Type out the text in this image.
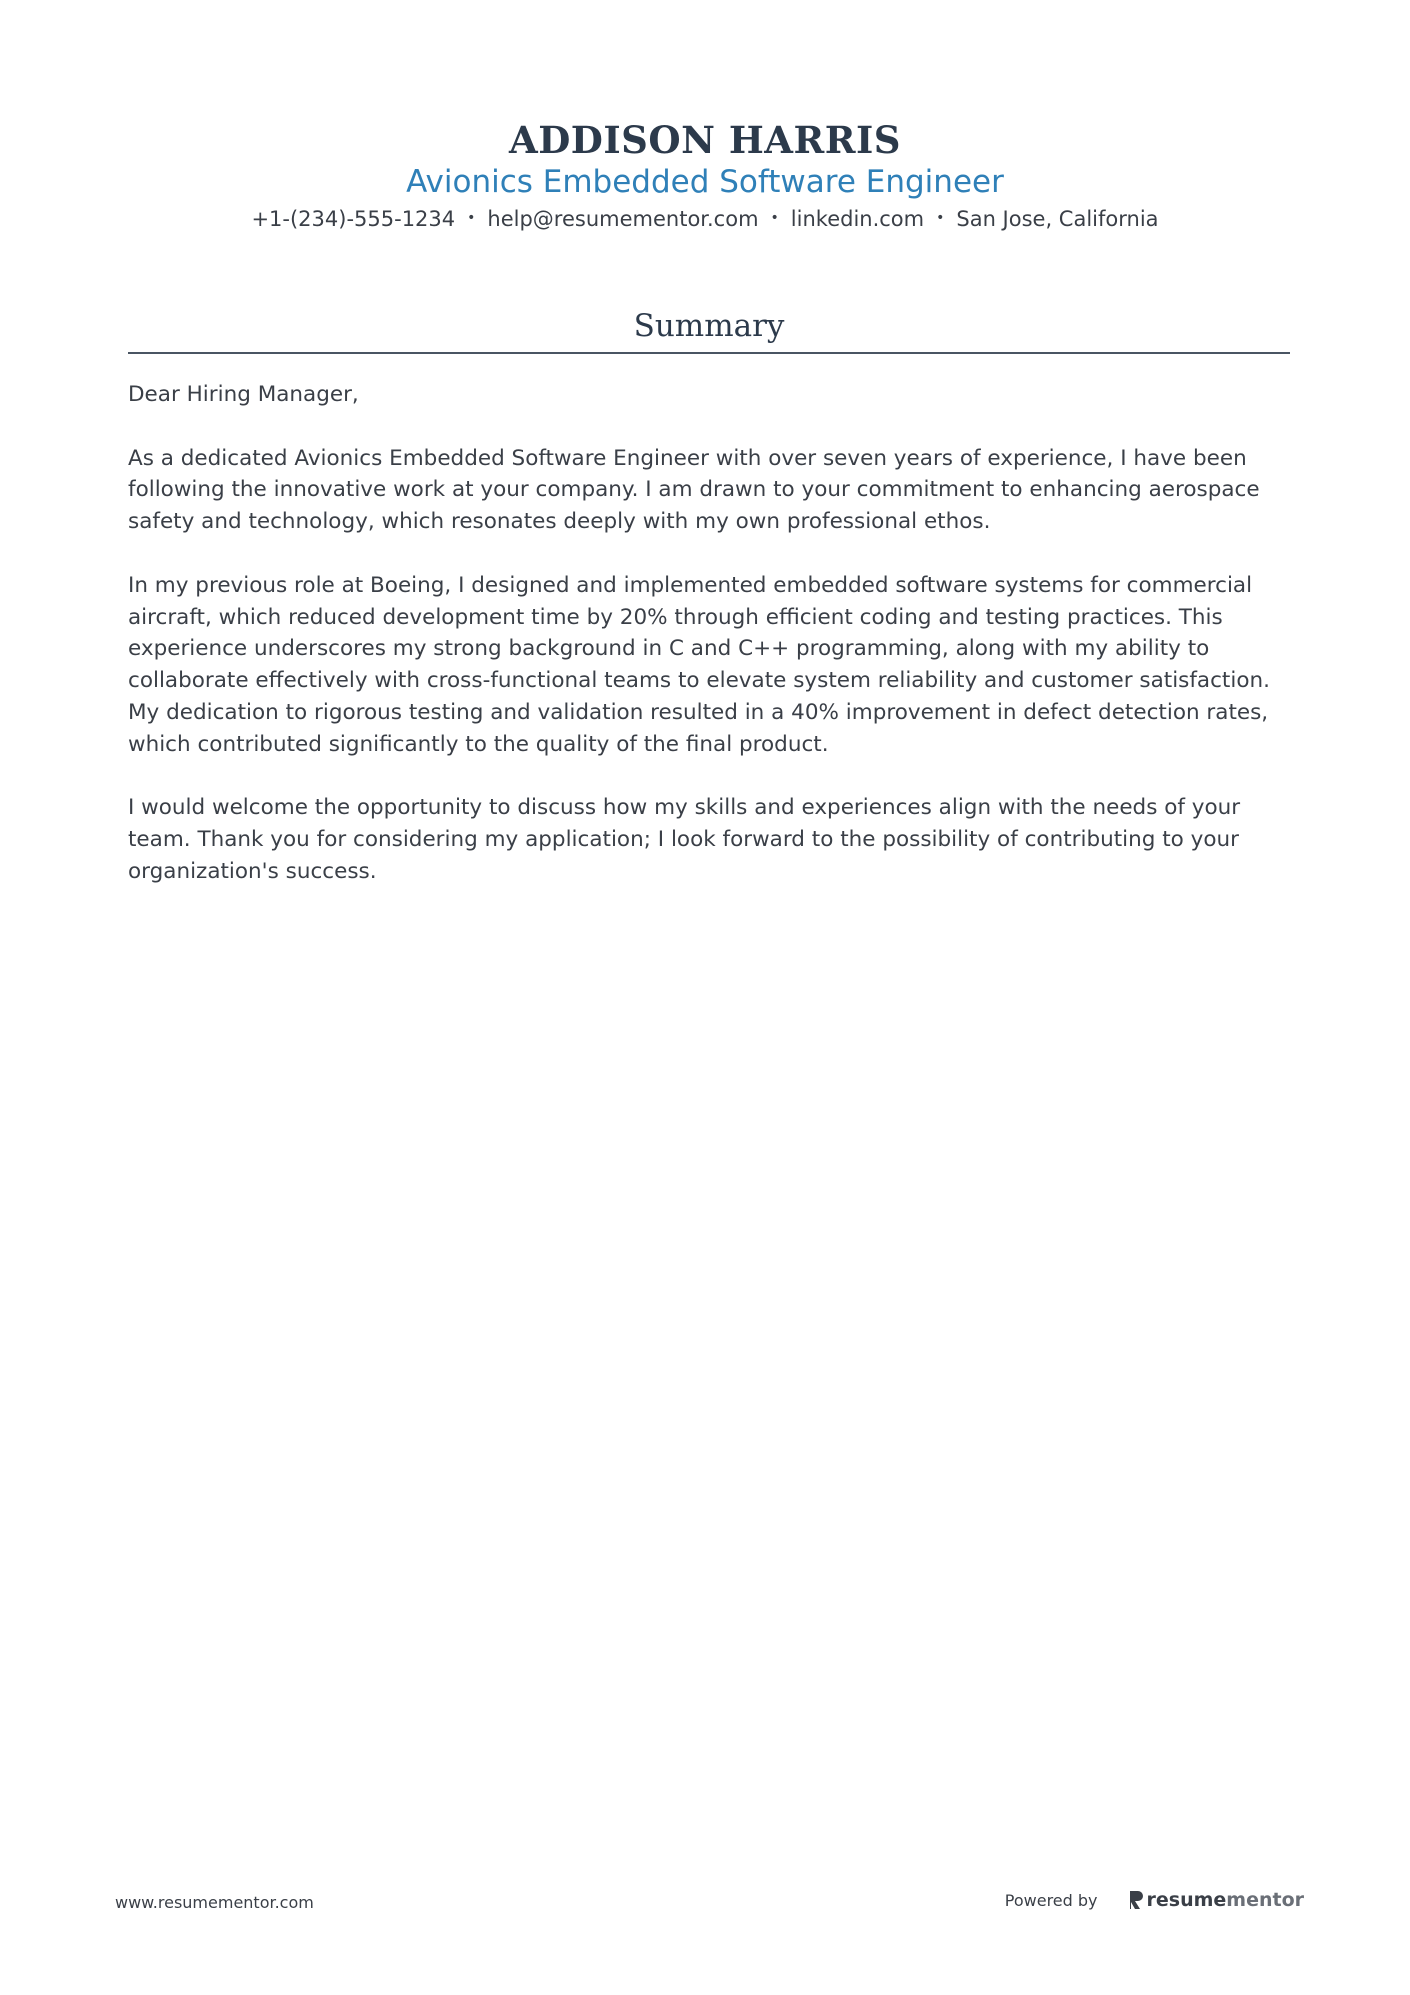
ADDISON HARRIS
Avionics Embedded Software Engineer
+1-(234)-555-1234 • help@resumementor.com • linkedin.com • San Jose, California
Summary

Dear Hiring Manager,

As a dedicated Avionics Embedded Software Engineer with over seven years of experience, I have been following the innovative work at your company. I am drawn to your commitment to enhancing aerospace safety and technology, which resonates deeply with my own professional ethos.

In my previous role at Boeing, I designed and implemented embedded software systems for commercial aircraft, which reduced development time by 20% through efficient coding and testing practices. This experience underscores my strong background in C and C++ programming, along with my ability to collaborate effectively with cross-functional teams to elevate system reliability and customer satisfaction. My dedication to rigorous testing and validation resulted in a 40% improvement in defect detection rates, which contributed significantly to the quality of the final product.

I would welcome the opportunity to discuss how my skills and experiences align with the needs of your team. Thank you for considering my application; I look forward to the possibility of contributing to your organization's success.

www.resumementor.com	Powered by	resume mentor
